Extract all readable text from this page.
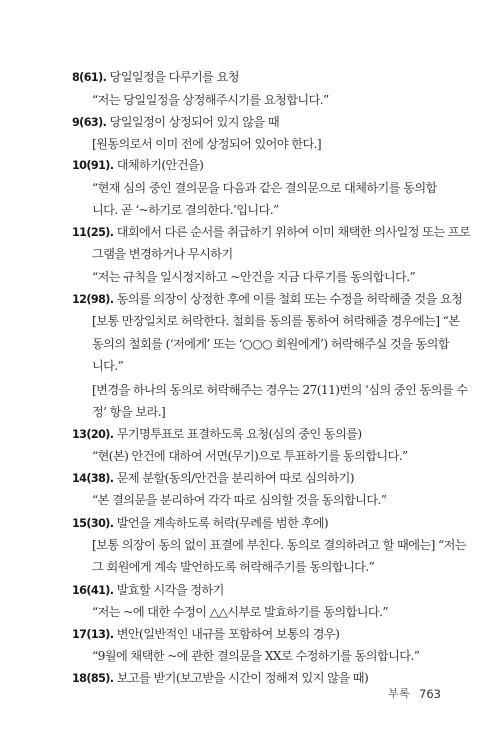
8(61). 당일일정을 다루기를 요청
“저는 당일일정을 상정해주시기를 요청합니다.”
9(63). 당일일정이 상정되어 있지 않을 때
[원동의로서 이미 전에 상정되어 있어야 한다.]
10(91). 대체하기(안건을)
“현재 심의 중인 결의문을 다음과 같은 결의문으로 대체하기를 동의합
니다. 곧 ‘~하기로 결의한다.’입니다.”
11(25). 대회에서 다른 순서를 취급하기 위하여 이미 채택한 의사일정 또는 프로
그램을 변경하거나 무시하기
“저는 규칙을 일시정지하고 ~안건을 지금 다루기를 동의합니다.”
12(98). 동의를 의장이 상정한 후에 이를 철회 또는 수정을 허락해줄 것을 요청
[보통 만장일치로 허락한다. 철회를 동의를 통하여 허락해줄 경우에는] “본
동의의 철회를 (‘저에게’ 또는 ‘○○○ 회원에게’) 허락해주실 것을 동의합
니다.”
[변경을 하나의 동의로 허락해주는 경우는 27(11)번의 ‘심의 중인 동의를 수
정’ 항을 보라.]
13(20). 무기명투표로 표결하도록 요청(심의 중인 동의를)
“현(본) 안건에 대하여 서면(무기)으로 투표하기를 동의합니다.”
14(38). 문제 분할(동의/안건을 분리하여 따로 심의하기)
“본 결의문을 분리하여 각각 따로 심의할 것을 동의합니다.”
15(30). 발언을 계속하도록 허락(무례를 범한 후에)
[보통 의장이 동의 없이 표결에 부친다. 동의로 결의하려고 할 때에는] “저는
그 회원에게 계속 발언하도록 허락해주기를 동의합니다.”
16(41). 발효할 시각을 정하기
“저는 ~에 대한 수정이 △△시부로 발효하기를 동의합니다.”
17(13). 변안(일반적인 내규를 포함하여 보통의 경우)
“9월에 채택한 ~에 관한 결의문을 XX로 수정하기를 동의합니다.”
18(85). 보고를 받기(보고받을 시간이 정해져 있지 않을 때)
부록 763
